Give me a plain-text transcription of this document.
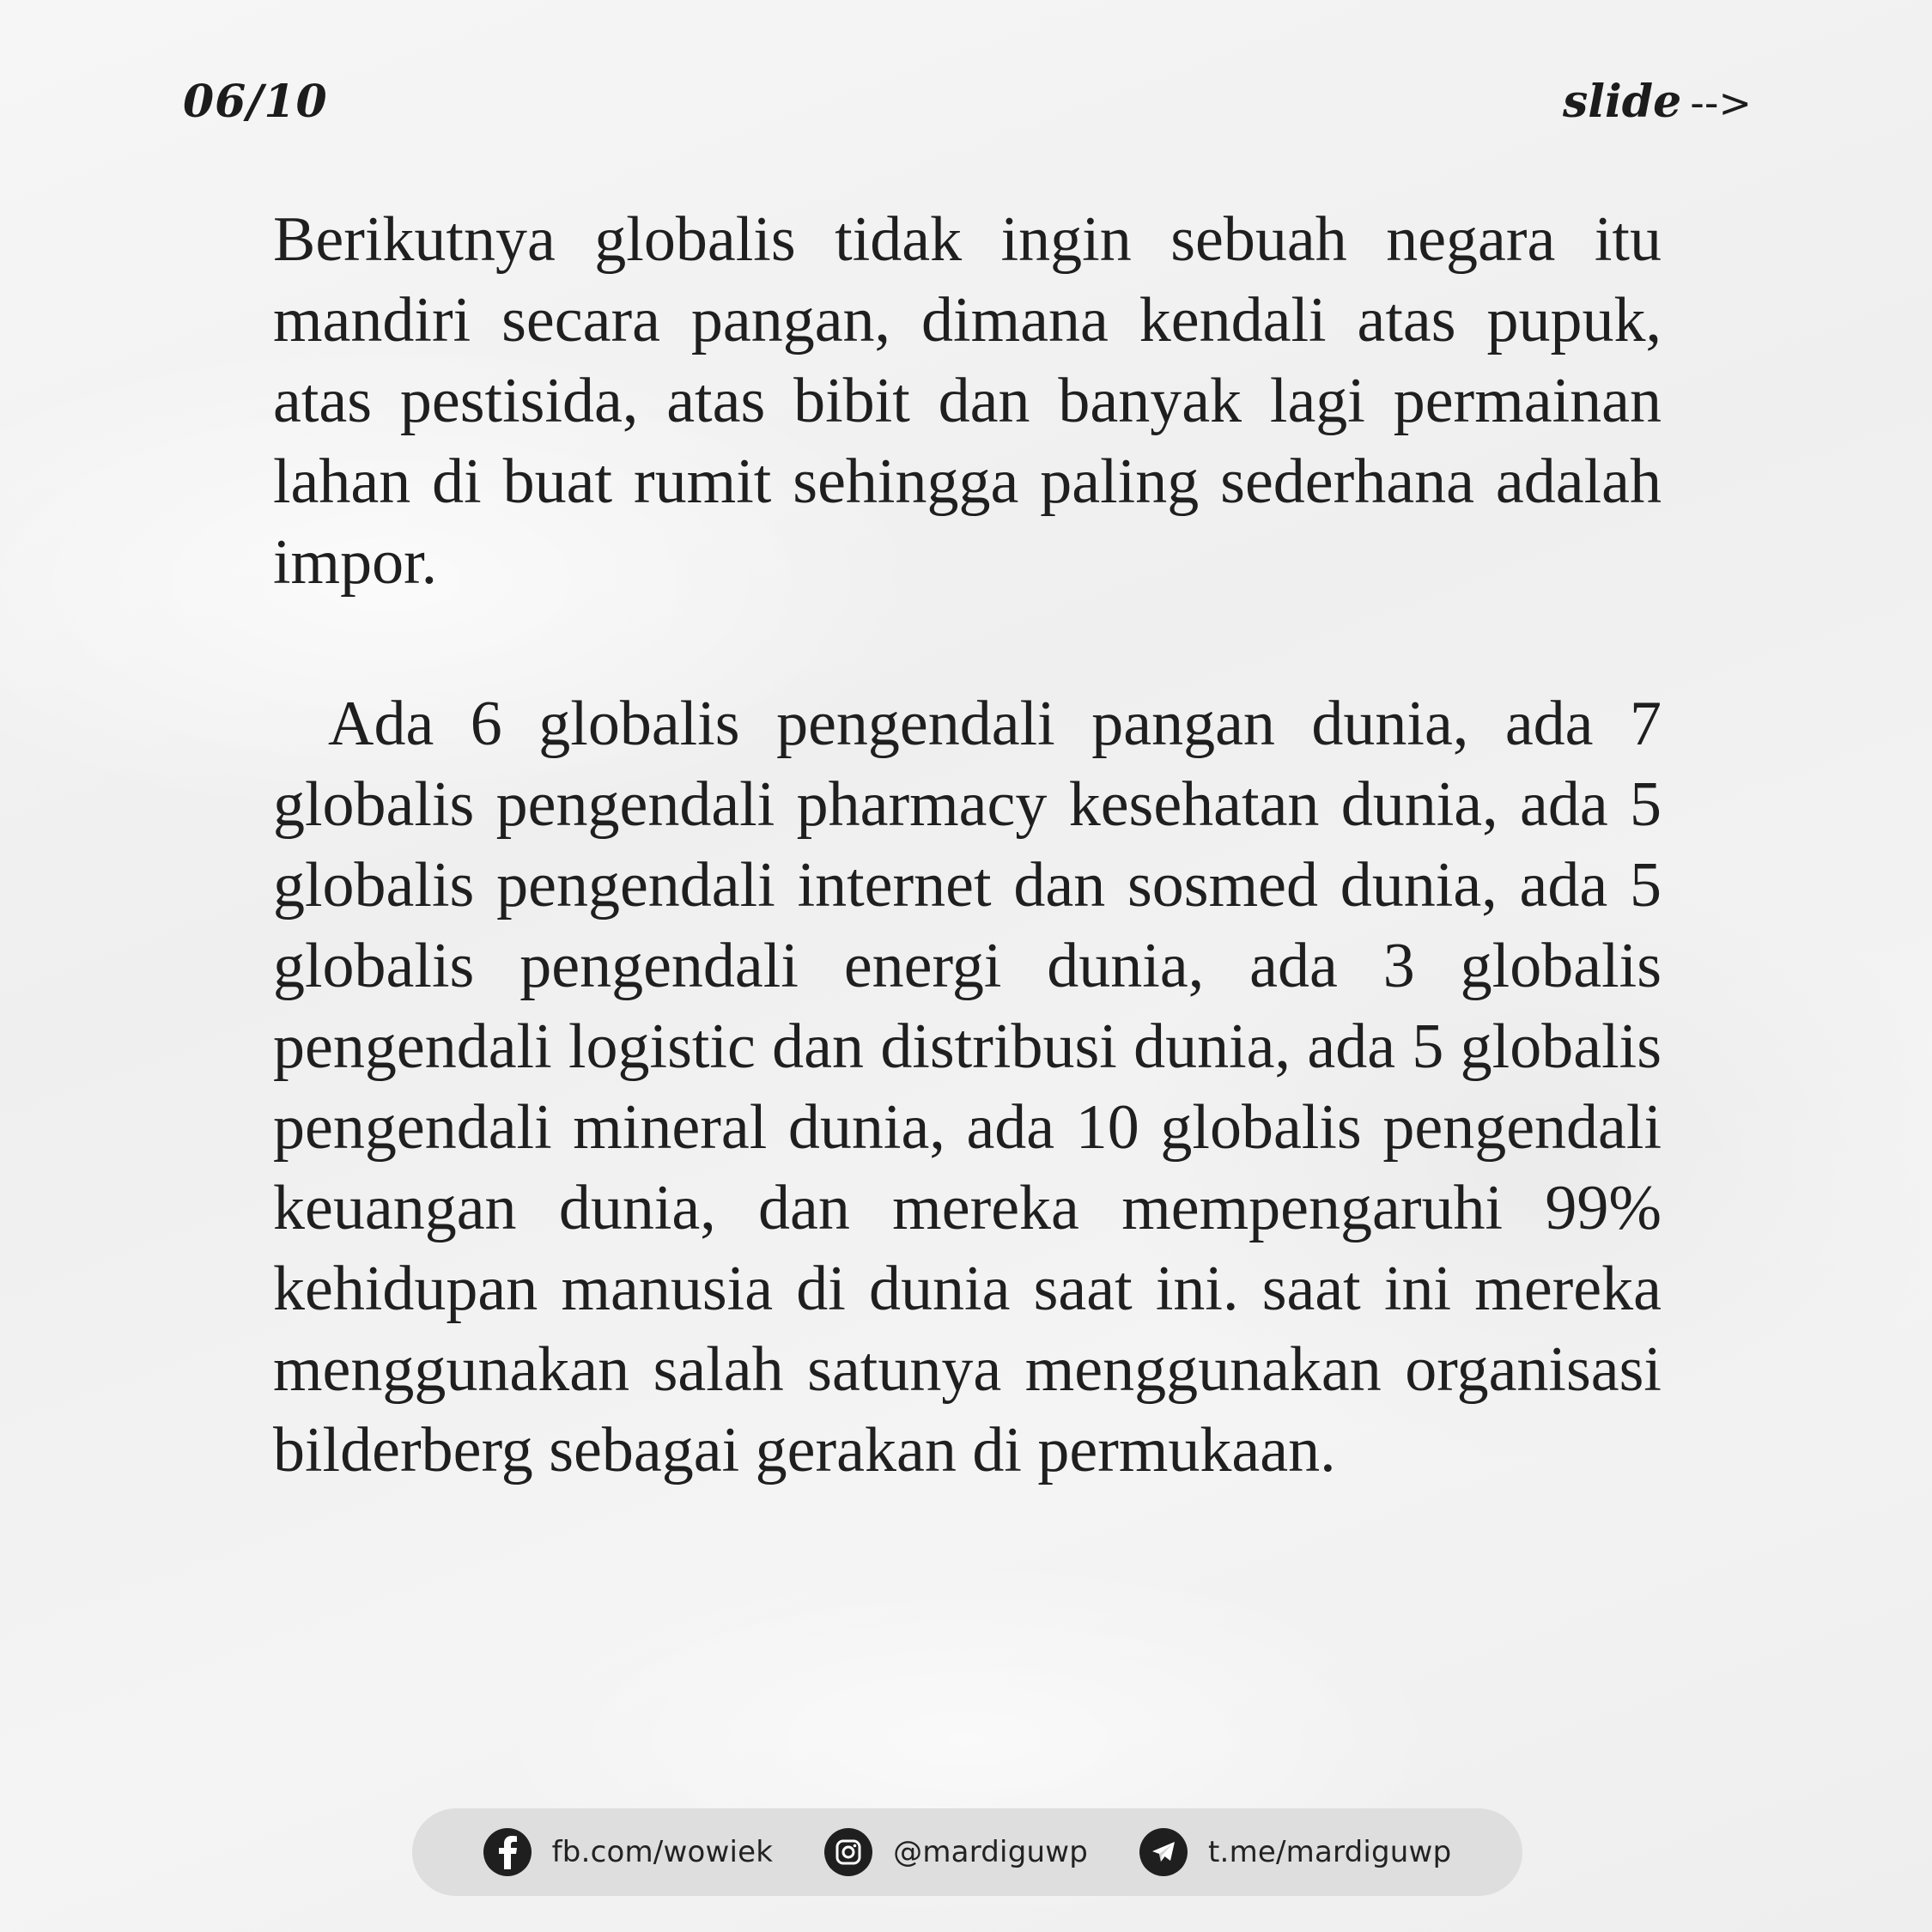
06/10	slide -->

Berikutnya globalis tidak ingin sebuah negara itu mandiri secara pangan, dimana kendali atas pupuk, atas pestisida, atas bibit dan banyak lagi permainan lahan di buat rumit sehingga paling sederhana adalah impor.

Ada 6 globalis pengendali pangan dunia, ada 7 globalis pengendali pharmacy kesehatan dunia, ada 5 globalis pengendali internet dan sosmed dunia, ada 5 globalis pengendali energi dunia, ada 3 globalis pengendali logistic dan distribusi dunia, ada 5 globalis pengendali mineral dunia, ada 10 globalis pengendali keuangan dunia, dan mereka mempengaruhi 99% kehidupan manusia di dunia saat ini. saat ini mereka menggunakan salah satunya menggunakan organisasi bilderberg sebagai gerakan di permukaan.

fb.com/wowiek	@mardiguwp	t.me/mardiguwp
